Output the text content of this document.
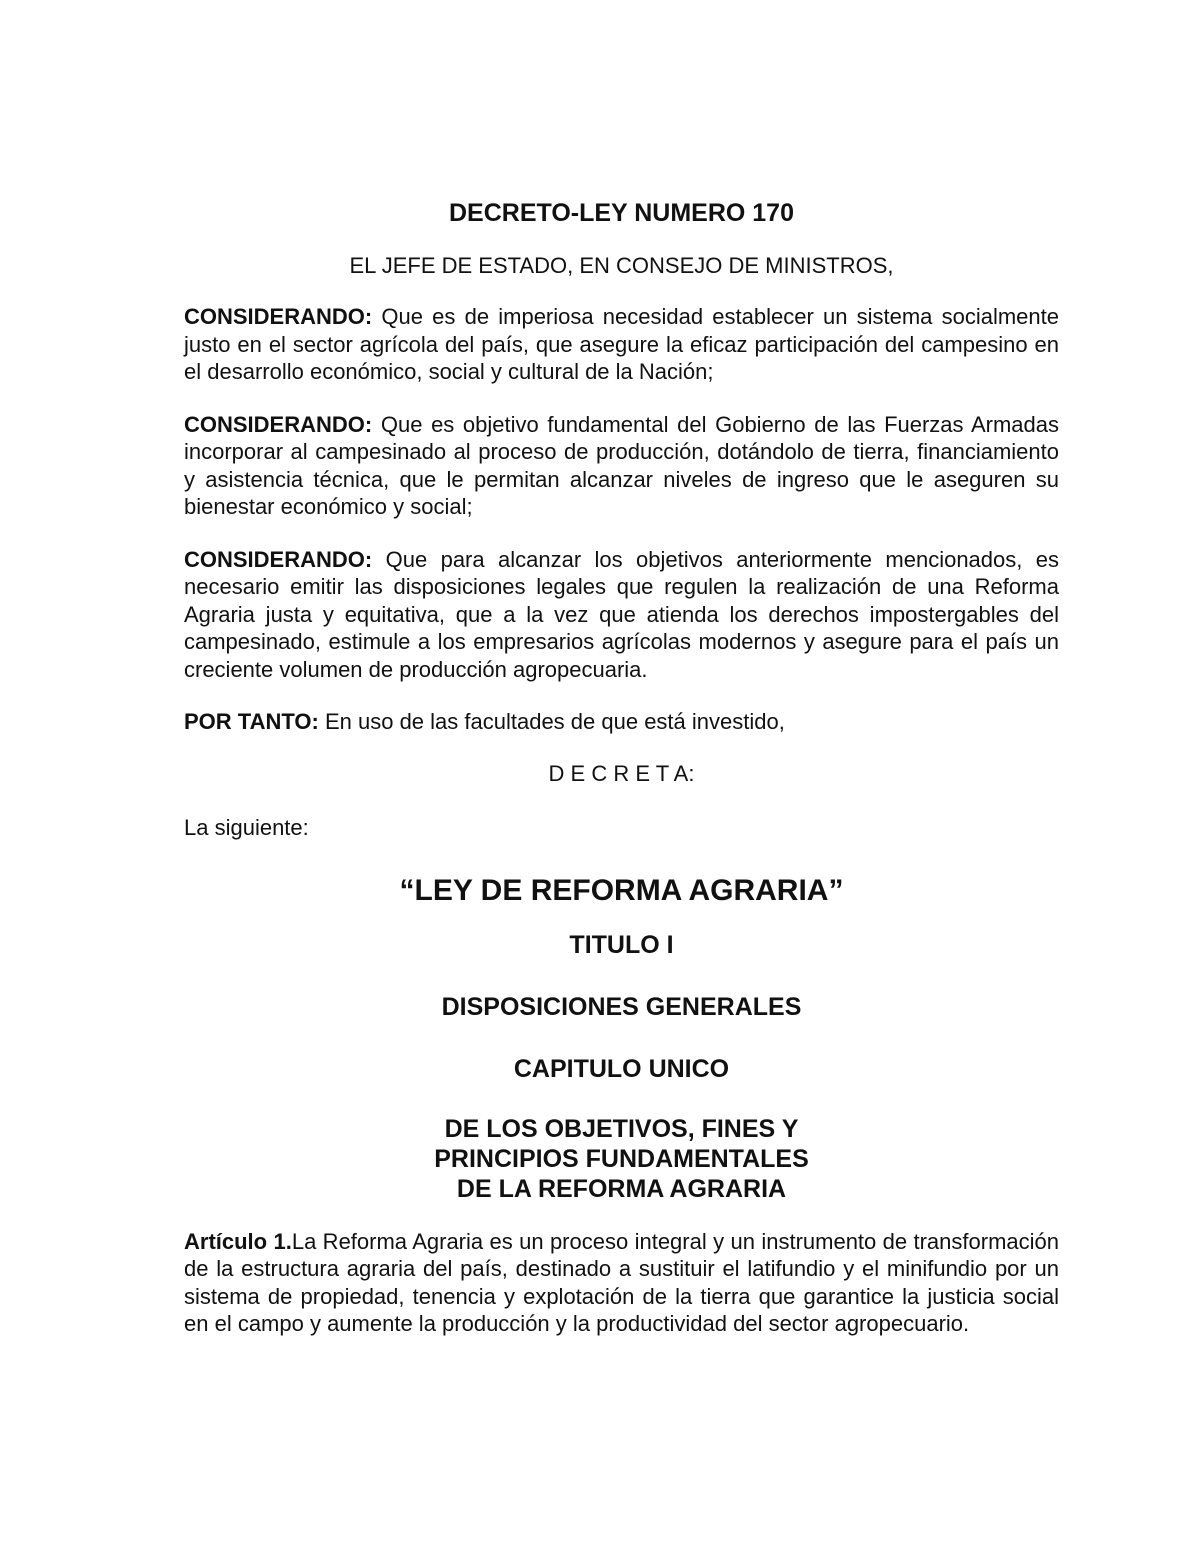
DECRETO-LEY NUMERO 170
EL JEFE DE ESTADO, EN CONSEJO DE MINISTROS,

CONSIDERANDO: Que es de imperiosa necesidad establecer un sistema socialmente justo en el sector agrícola del país, que asegure la eficaz participación del campesino en el desarrollo económico, social y cultural de la Nación;

CONSIDERANDO: Que es objetivo fundamental del Gobierno de las Fuerzas Armadas incorporar al campesinado al proceso de producción, dotándolo de tierra, financiamiento y asistencia técnica, que le permitan alcanzar niveles de ingreso que le aseguren su bienestar económico y social;

CONSIDERANDO: Que para alcanzar los objetivos anteriormente mencionados, es necesario emitir las disposiciones legales que regulen la realización de una Reforma Agraria justa y equitativa, que a la vez que atienda los derechos impostergables del campesinado, estimule a los empresarios agrícolas modernos y asegure para el país un creciente volumen de producción agropecuaria.

POR TANTO: En uso de las facultades de que está investido,

D E C R E T A:
La siguiente:
“LEY DE REFORMA AGRARIA”
TITULO I
DISPOSICIONES GENERALES
CAPITULO UNICO
DE LOS OBJETIVOS, FINES Y
PRINCIPIOS FUNDAMENTALES
DE LA REFORMA AGRARIA

Artículo 1.La Reforma Agraria es un proceso integral y un instrumento de transformación de la estructura agraria del país, destinado a sustituir el latifundio y el minifundio por un sistema de propiedad, tenencia y explotación de la tierra que garantice la justicia social en el campo y aumente la producción y la productividad del sector agropecuario.
